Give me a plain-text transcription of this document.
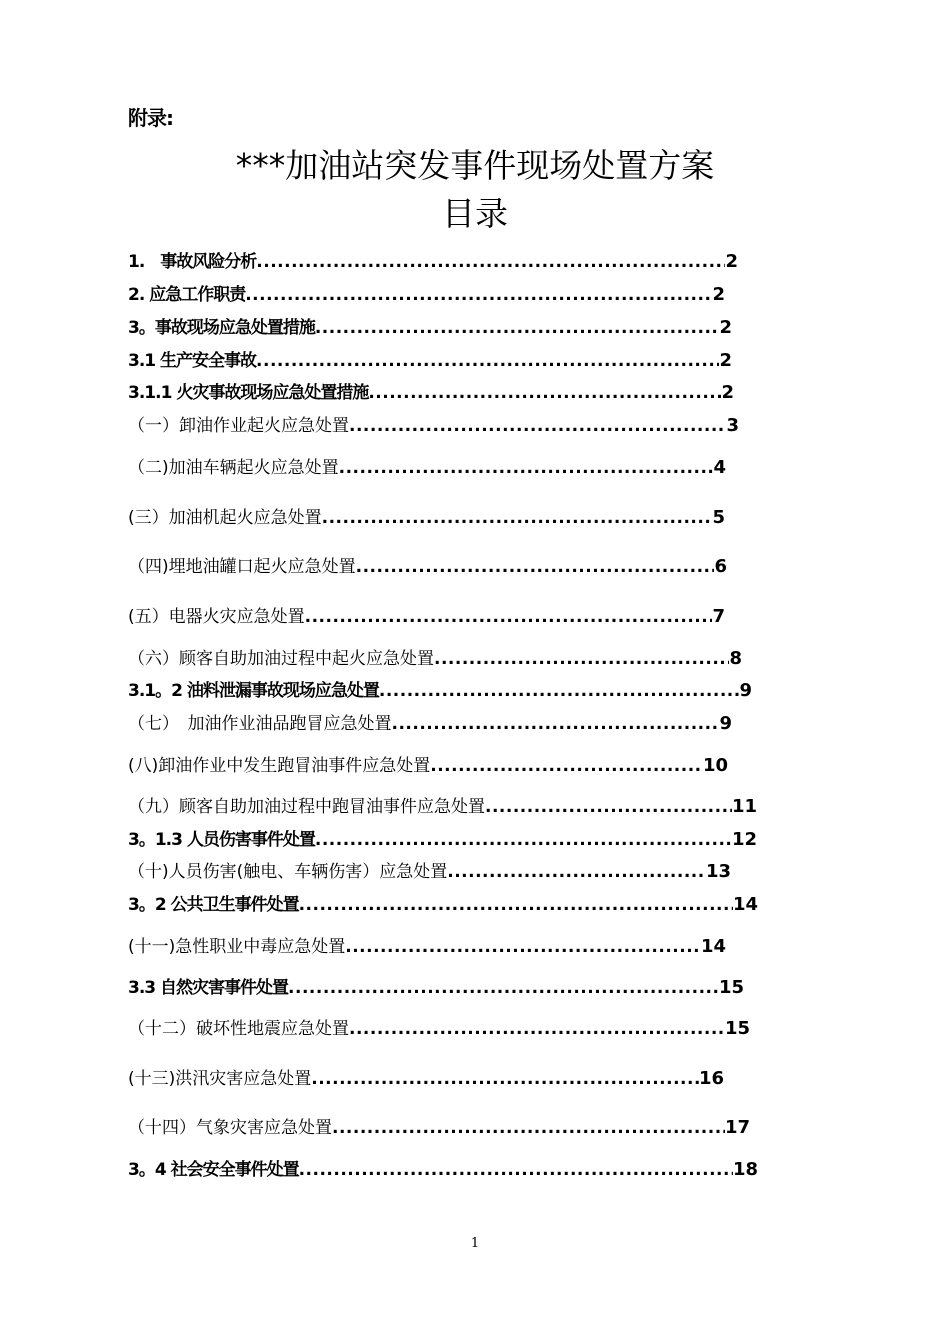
附录:
***加油站突发事件现场处置方案
目录
1.　事故风险分析 .....	2
2. 应急工作职责 .....	2
3。事故现场应急处置措施 .....	2
3.1 生产安全事故 .....	2
3.1.1 火灾事故现场应急处置措施 .....	2
（一）卸油作业起火应急处置 .....	3
（二)加油车辆起火应急处置 .....	4
(三）加油机起火应急处置 .....	5
（四)埋地油罐口起火应急处置 .....	6
(五）电器火灾应急处置 .....	7
（六）顾客自助加油过程中起火应急处置 .....	8
3.1。2 油料泄漏事故现场应急处置 .....	9
（七）　加油作业油品跑冒应急处置 .....	9
(八)卸油作业中发生跑冒油事件应急处置 .....	10
（九）顾客自助加油过程中跑冒油事件应急处置 .....	11
3。1.3 人员伤害事件处置 .....	12
（十)人员伤害(触电、车辆伤害）应急处置 .....	13
3。2 公共卫生事件处置 .....	14
(十一)急性职业中毒应急处置 .....	14
3.3 自然灾害事件处置 .....	15
（十二）破坏性地震应急处置 .....	15
(十三)洪汛灾害应急处置 .....	16
（十四）气象灾害应急处置 .....	17
3。4 社会安全事件处置 .....	18
1
